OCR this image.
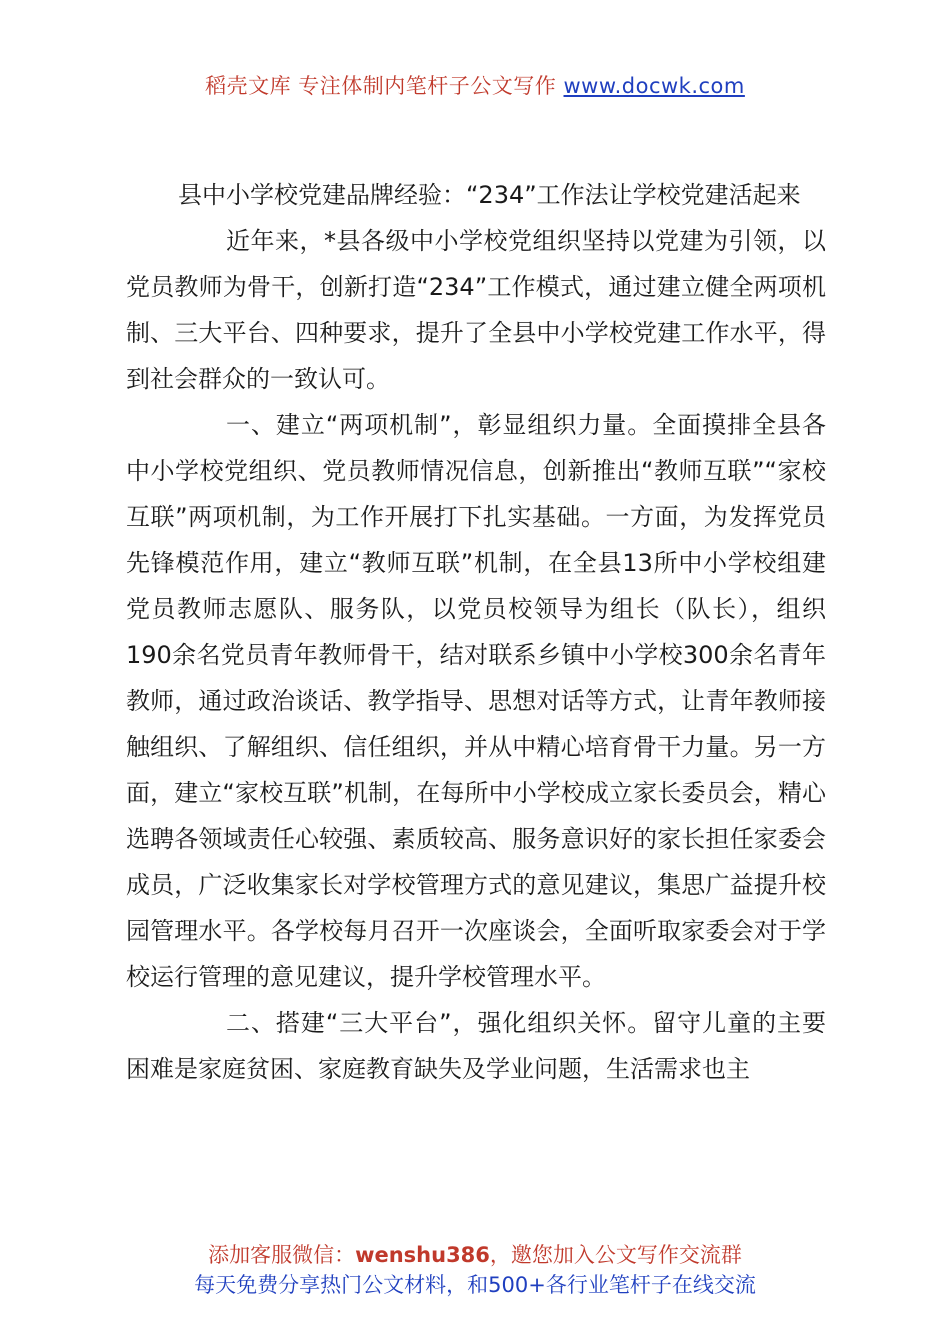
稻壳文库 专注体制内笔杆子公文写作 www.docwk.com

县中小学校党建品牌经验：“234”工作法让学校党建活起来

近年来，*县各级中小学校党组织坚持以党建为引领，以党员教师为骨干，创新打造“234”工作模式，通过建立健全两项机制、三大平台、四种要求，提升了全县中小学校党建工作水平，得到社会群众的一致认可。

一、建立“两项机制”，彰显组织力量。全面摸排全县各中小学校党组织、党员教师情况信息，创新推出“教师互联”“家校互联”两项机制，为工作开展打下扎实基础。一方面，为发挥党员先锋模范作用，建立“教师互联”机制，在全县13所中小学校组建党员教师志愿队、服务队，以党员校领导为组长（队长），组织190余名党员青年教师骨干，结对联系乡镇中小学校300余名青年教师，通过政治谈话、教学指导、思想对话等方式，让青年教师接触组织、了解组织、信任组织，并从中精心培育骨干力量。另一方面，建立“家校互联”机制，在每所中小学校成立家长委员会，精心选聘各领域责任心较强、素质较高、服务意识好的家长担任家委会成员，广泛收集家长对学校管理方式的意见建议，集思广益提升校园管理水平。各学校每月召开一次座谈会，全面听取家委会对于学校运行管理的意见建议，提升学校管理水平。

二、搭建“三大平台”，强化组织关怀。留守儿童的主要困难是家庭贫困、家庭教育缺失及学业问题，生活需求也主

添加客服微信：wenshu386，邀您加入公文写作交流群
每天免费分享热门公文材料，和500+各行业笔杆子在线交流
